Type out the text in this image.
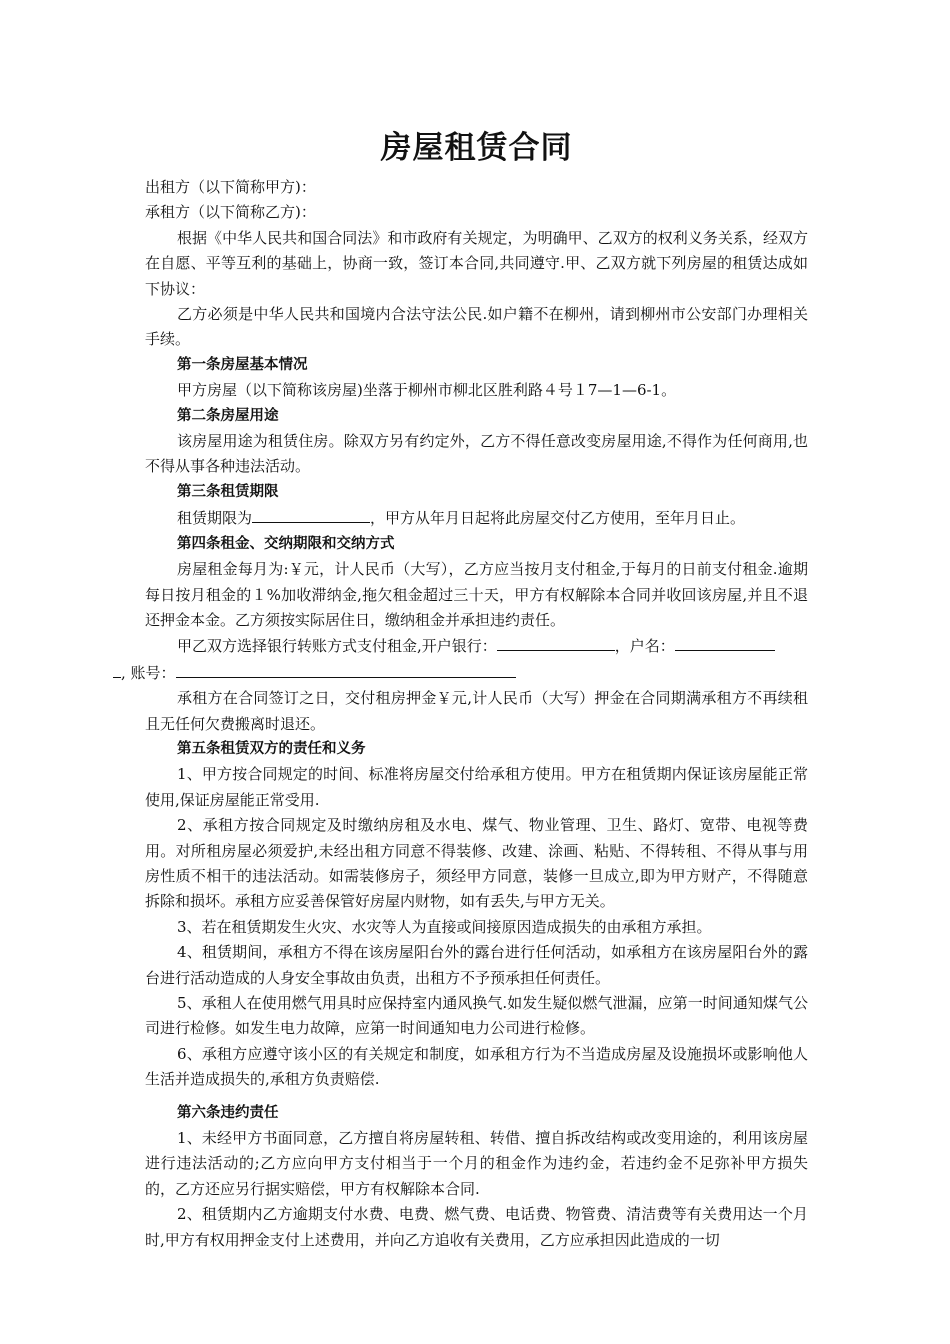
房屋租赁合同

出租方（以下简称甲方)：

承租方（以下简称乙方)：

根据《中华人民共和国合同法》和市政府有关规定，为明确甲、乙双方的权利义务关系，经双方在自愿、平等互利的基础上，协商一致，签订本合同,共同遵守.甲、乙双方就下列房屋的租赁达成如下协议：

乙方必须是中华人民共和国境内合法守法公民.如户籍不在柳州，请到柳州市公安部门办理相关手续。

第一条房屋基本情况

甲方房屋（以下简称该房屋)坐落于柳州市柳北区胜利路４号１7—1—6-1。

第二条房屋用途

该房屋用途为租赁住房。除双方另有约定外，乙方不得任意改变房屋用途,不得作为任何商用,也不得从事各种违法活动。

第三条租赁期限

租赁期限为	，甲方从年月日起将此房屋交付乙方使用，至年月日止。

第四条租金、交纳期限和交纳方式

房屋租金每月为:￥元，计人民币（大写），乙方应当按月支付租金,于每月的日前支付租金.逾期每日按月租金的１%加收滞纳金,拖欠租金超过三十天，甲方有权解除本合同并收回该房屋,并且不退还押金本金。乙方须按实际居住日，缴纳租金并承担违约责任。

甲乙双方选择银行转账方式支付租金,开户银行：	，户名：
, 账号：

承租方在合同签订之日，交付租房押金￥元,计人民币（大写）押金在合同期满承租方不再续租且无任何欠费搬离时退还。

第五条租赁双方的责任和义务

1、甲方按合同规定的时间、标准将房屋交付给承租方使用。甲方在租赁期内保证该房屋能正常使用,保证房屋能正常受用.

2、承租方按合同规定及时缴纳房租及水电、煤气、物业管理、卫生、路灯、宽带、电视等费用。对所租房屋必须爱护,未经出租方同意不得装修、改建、涂画、粘贴、不得转租、不得从事与用房性质不相干的违法活动。如需装修房子，须经甲方同意，装修一旦成立,即为甲方财产，不得随意拆除和损坏。承租方应妥善保管好房屋内财物，如有丢失,与甲方无关。

3、若在租赁期发生火灾、水灾等人为直接或间接原因造成损失的由承租方承担。

4、租赁期间，承租方不得在该房屋阳台外的露台进行任何活动，如承租方在该房屋阳台外的露台进行活动造成的人身安全事故由负责，出租方不予预承担任何责任。

5、承租人在使用燃气用具时应保持室内通风换气.如发生疑似燃气泄漏，应第一时间通知煤气公司进行检修。如发生电力故障，应第一时间通知电力公司进行检修。

6、承租方应遵守该小区的有关规定和制度，如承租方行为不当造成房屋及设施损坏或影响他人生活并造成损失的,承租方负责赔偿.

第六条违约责任

1、未经甲方书面同意，乙方擅自将房屋转租、转借、擅自拆改结构或改变用途的，利用该房屋进行违法活动的;乙方应向甲方支付相当于一个月的租金作为违约金，若违约金不足弥补甲方损失的，乙方还应另行据实赔偿，甲方有权解除本合同.

2、租赁期内乙方逾期支付水费、电费、燃气费、电话费、物管费、清洁费等有关费用达一个月时,甲方有权用押金支付上述费用，并向乙方追收有关费用，乙方应承担因此造成的一切
